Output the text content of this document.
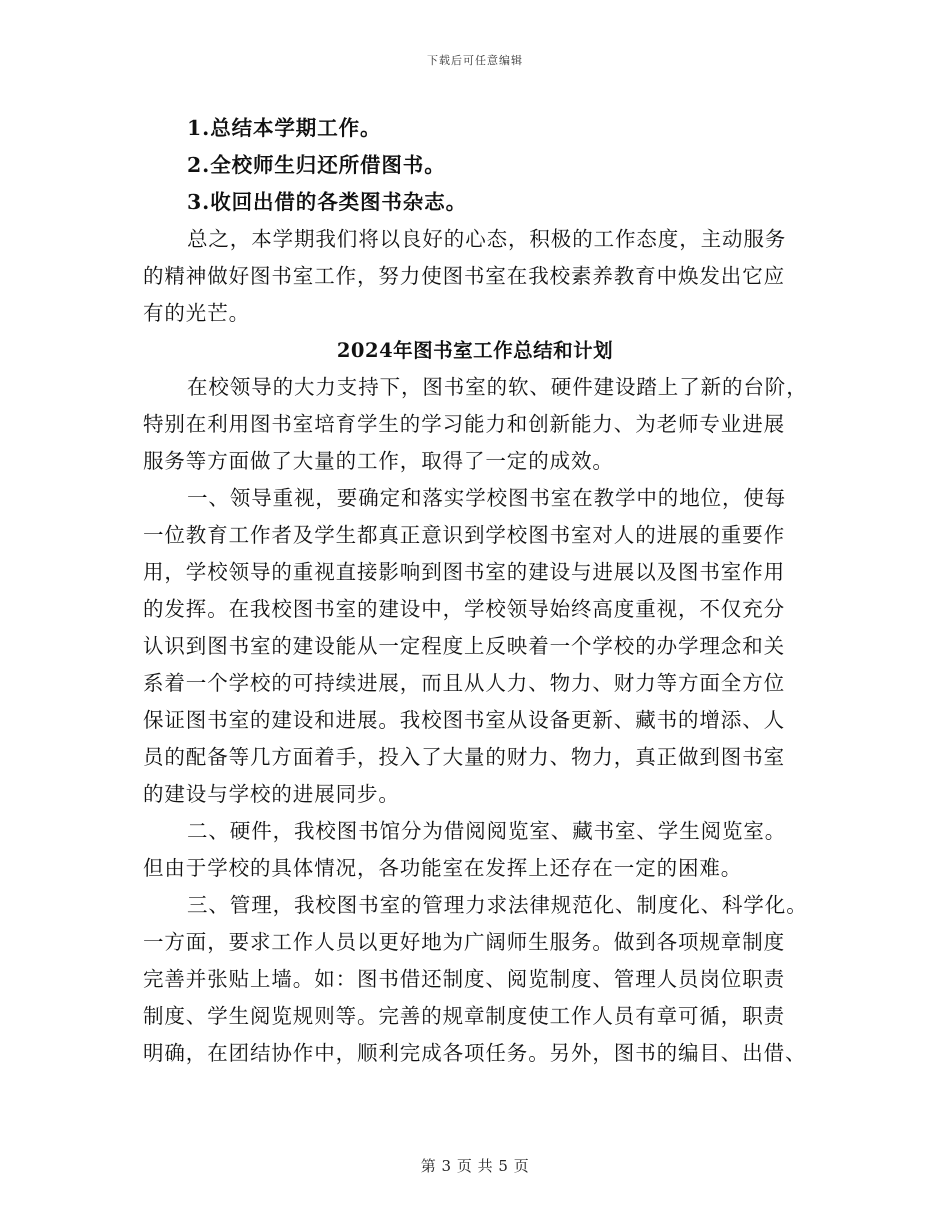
下载后可任意编辑
1.总结本学期工作。
2.全校师生归还所借图书。
3.收回出借的各类图书杂志。
总之，本学期我们将以良好的心态，积极的工作态度，主动服务
的精神做好图书室工作，努力使图书室在我校素养教育中焕发出它应
有的光芒。
2024年图书室工作总结和计划
在校领导的大力支持下，图书室的软、硬件建设踏上了新的台阶，
特别在利用图书室培育学生的学习能力和创新能力、为老师专业进展
服务等方面做了大量的工作，取得了一定的成效。
一、领导重视，要确定和落实学校图书室在教学中的地位，使每
一位教育工作者及学生都真正意识到学校图书室对人的进展的重要作
用，学校领导的重视直接影响到图书室的建设与进展以及图书室作用
的发挥。在我校图书室的建设中，学校领导始终高度重视，不仅充分
认识到图书室的建设能从一定程度上反映着一个学校的办学理念和关
系着一个学校的可持续进展，而且从人力、物力、财力等方面全方位
保证图书室的建设和进展。我校图书室从设备更新、藏书的增添、人
员的配备等几方面着手，投入了大量的财力、物力，真正做到图书室
的建设与学校的进展同步。
二、硬件，我校图书馆分为借阅阅览室、藏书室、学生阅览室。
但由于学校的具体情况，各功能室在发挥上还存在一定的困难。
三、管理，我校图书室的管理力求法律规范化、制度化、科学化。
一方面，要求工作人员以更好地为广阔师生服务。做到各项规章制度
完善并张贴上墙。如：图书借还制度、阅览制度、管理人员岗位职责
制度、学生阅览规则等。完善的规章制度使工作人员有章可循，职责
明确，在团结协作中，顺利完成各项任务。另外，图书的编目、出借、
第 3 页 共 5 页
